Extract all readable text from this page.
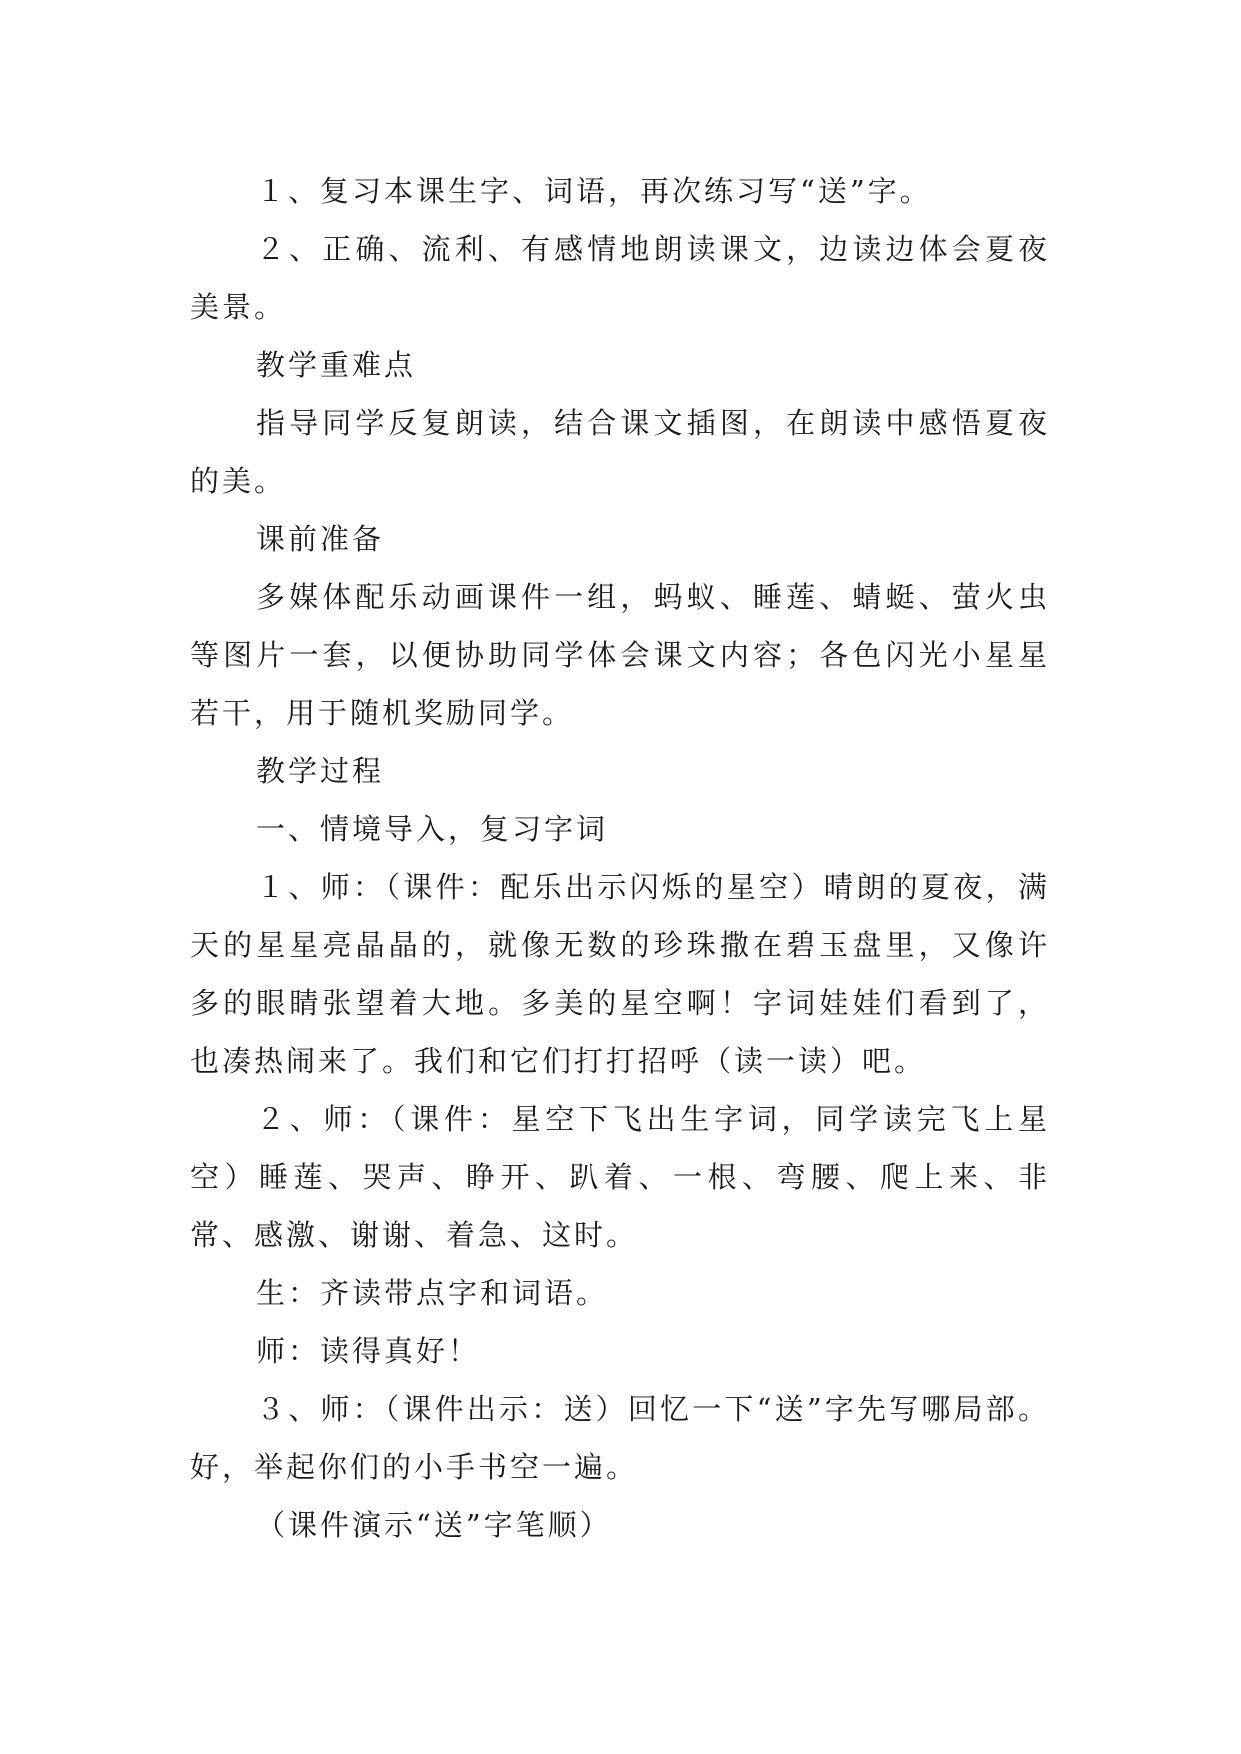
１、复习本课生字、词语，再次练习写“送”字。

２、正确、流利、有感情地朗读课文，边读边体会夏夜美景。

教学重难点

指导同学反复朗读，结合课文插图，在朗读中感悟夏夜的美。

课前准备

多媒体配乐动画课件一组，蚂蚁、睡莲、蜻蜓、萤火虫等图片一套，以便协助同学体会课文内容；各色闪光小星星若干，用于随机奖励同学。

教学过程

一、情境导入，复习字词

１、师：（课件：配乐出示闪烁的星空）晴朗的夏夜，满天的星星亮晶晶的，就像无数的珍珠撒在碧玉盘里，又像许多的眼睛张望着大地。多美的星空啊！字词娃娃们看到了，也凑热闹来了。我们和它们打打招呼（读一读）吧。

２、师：（课件：星空下飞出生字词，同学读完飞上星空）睡莲、哭声、睁开、趴着、一根、弯腰、爬上来、非常、感激、谢谢、着急、这时。

生：齐读带点字和词语。

师：读得真好！

３、师：（课件出示：送）回忆一下“送”字先写哪局部。好，举起你们的小手书空一遍。

（课件演示“送”字笔顺）
